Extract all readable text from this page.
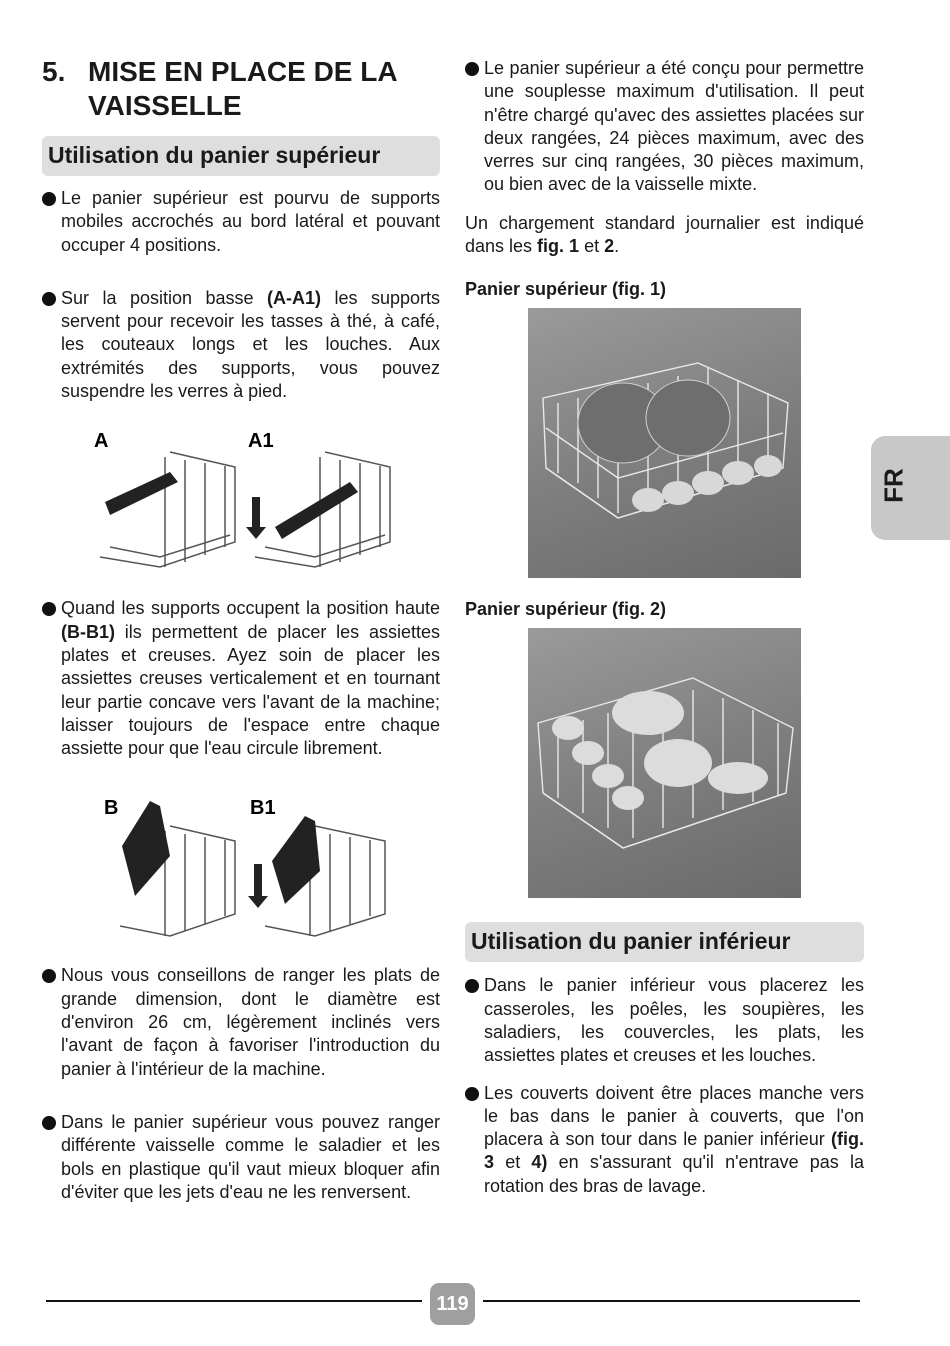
FR
5. MISE EN PLACE DE LA
VAISSELLE
Utilisation du panier supérieur

Le panier supérieur est pourvu de supports mobiles accrochés au bord latéral et pouvant occuper 4 positions.

Sur la position basse (A-A1) les supports servent pour recevoir les tasses à thé, à café, les couteaux longs et les louches. Aux extrémités des supports, vous pouvez suspendre les verres à pied.

A	A1

Quand les supports occupent la position haute (B-B1) ils permettent de placer les assiettes plates et creuses. Ayez soin de placer les assiettes creuses verticalement et en tournant leur partie concave vers l'avant de la machine; laisser toujours de l'espace entre chaque assiette pour que l'eau circule librement.

B	B1

Nous vous conseillons de ranger les plats de grande dimension, dont le diamètre est d'environ 26 cm, légèrement inclinés vers l'avant de façon à favoriser l'introduction du panier à l'intérieur de la machine.

Dans le panier supérieur vous pouvez ranger différente vaisselle comme le saladier et les bols en plastique qu'il vaut mieux bloquer afin d'éviter que les jets d'eau ne les renversent.

Le panier supérieur a été conçu pour permettre une souplesse maximum d'utilisation. Il peut n'être chargé qu'avec des assiettes placées sur deux rangées, 24 pièces maximum, avec des verres sur cinq rangées, 30 pièces maximum, ou bien avec de la vaisselle mixte.

Un chargement standard journalier est indiqué dans les fig. 1 et 2.

Panier supérieur (fig. 1)

Panier supérieur (fig. 2)

Utilisation du panier inférieur

Dans le panier inférieur vous placerez les casseroles, les poêles, les soupières, les saladiers, les couvercles, les plats, les assiettes plates et creuses et les louches.

Les couverts doivent être places manche vers le bas dans le panier à couverts, que l'on placera à son tour dans le panier inférieur (fig. 3 et 4) en s'assurant qu'il n'entrave pas la rotation des bras de lavage.

119
